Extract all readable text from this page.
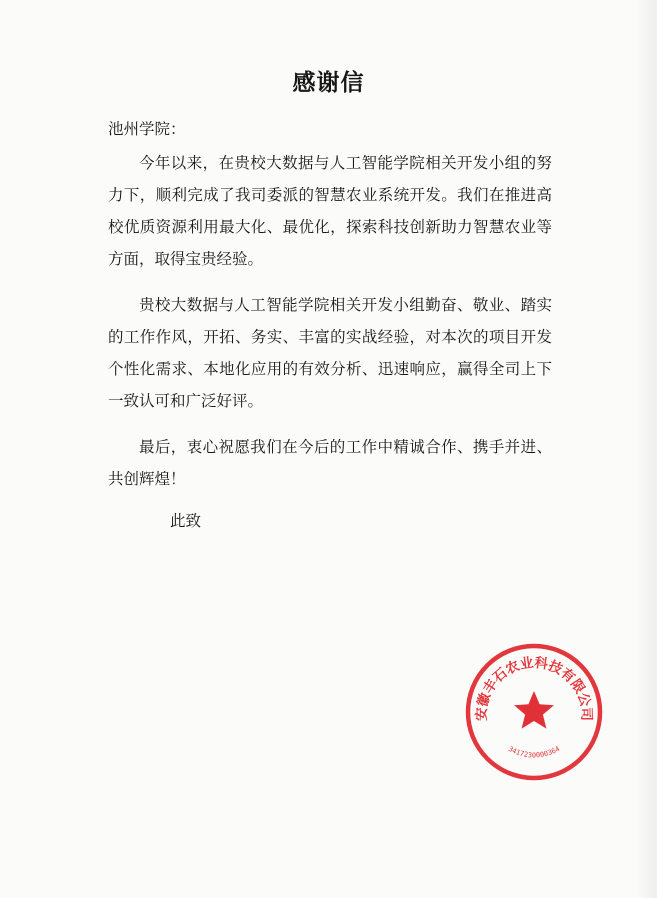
感谢信
池州学院：

今年以来，在贵校大数据与人工智能学院相关开发小组的努力下，顺利完成了我司委派的智慧农业系统开发。我们在推进高校优质资源利用最大化、最优化，探索科技创新助力智慧农业等方面，取得宝贵经验。

贵校大数据与人工智能学院相关开发小组勤奋、敬业、踏实的工作作风，开拓、务实、丰富的实战经验，对本次的项目开发个性化需求、本地化应用的有效分析、迅速响应，赢得全司上下一致认可和广泛好评。

最后，衷心祝愿我们在今后的工作中精诚合作、携手并进、共创辉煌！

此致
安徽丰石农业科技有限公司
3417230000364
